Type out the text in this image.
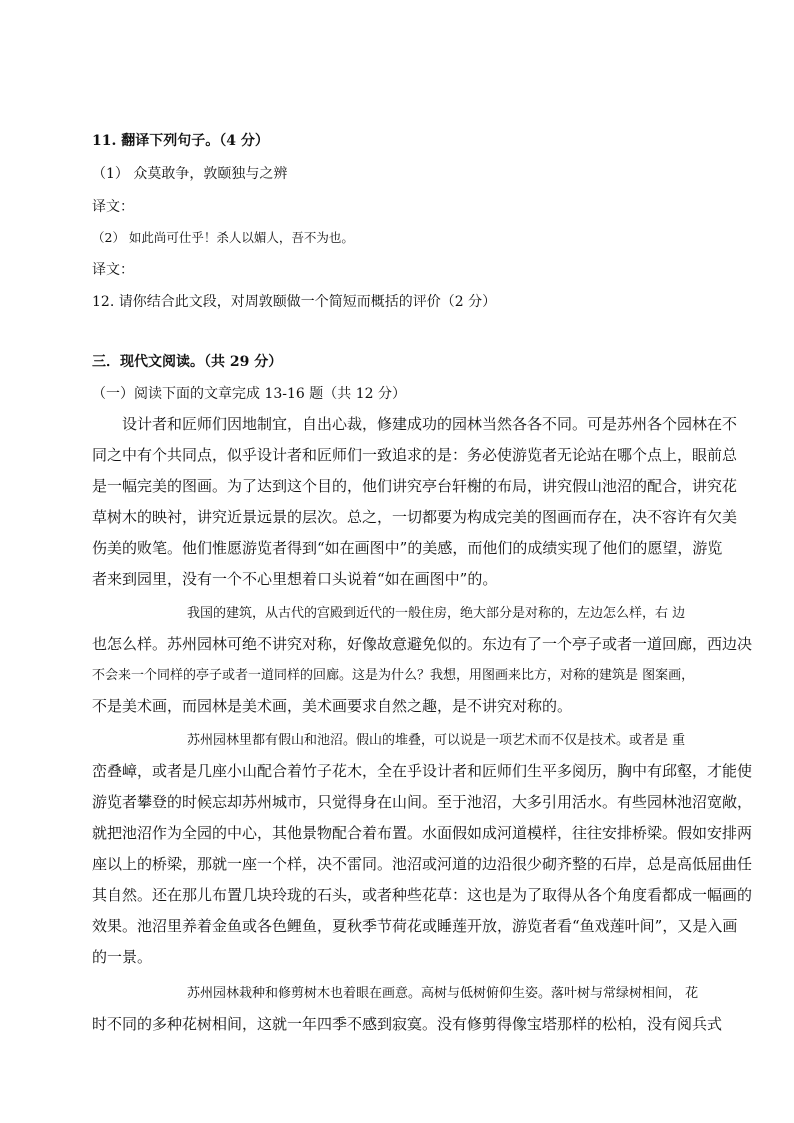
11. 翻译下列句子。（4 分）
（1） 众莫敢争，敦颐独与之辨
译文：
（2） 如此尚可仕乎！杀人以媚人，吾不为也。
译文：
12. 请你结合此文段，对周敦颐做一个简短而概括的评价（2 分）
三．现代文阅读。（共 29 分）
（一）阅读下面的文章完成 13-16 题（共 12 分）

设计者和匠师们因地制宜，自出心裁，修建成功的园林当然各各不同。可是苏州各个园林在不

同之中有个共同点，似乎设计者和匠师们一致追求的是：务必使游览者无论站在哪个点上，眼前总

是一幅完美的图画。为了达到这个目的，他们讲究亭台轩榭的布局，讲究假山池沼的配合，讲究花

草树木的映衬，讲究近景远景的层次。总之，一切都要为构成完美的图画而存在，决不容许有欠美

伤美的败笔。他们惟愿游览者得到“如在画图中”的美感，而他们的成绩实现了他们的愿望，游览

者来到园里，没有一个不心里想着口头说着“如在画图中”的。

我国的建筑，从古代的宫殿到近代的一般住房，绝大部分是对称的，左边怎么样，右 边

也怎么样。苏州园林可绝不讲究对称，好像故意避免似的。东边有了一个亭子或者一道回廊，西边决

不会来一个同样的亭子或者一道同样的回廊。这是为什么？我想，用图画来比方，对称的建筑是 图案画，

不是美术画，而园林是美术画，美术画要求自然之趣，是不讲究对称的。

苏州园林里都有假山和池沼。假山的堆叠，可以说是一项艺术而不仅是技术。或者是 重

峦叠嶂，或者是几座小山配合着竹子花木，全在乎设计者和匠师们生平多阅历，胸中有邱壑，才能使

游览者攀登的时候忘却苏州城市，只觉得身在山间。至于池沼，大多引用活水。有些园林池沼宽敞，

就把池沼作为全园的中心，其他景物配合着布置。水面假如成河道模样，往往安排桥梁。假如安排两

座以上的桥梁，那就一座一个样，决不雷同。池沼或河道的边沿很少砌齐整的石岸，总是高低屈曲任

其自然。还在那儿布置几块玲珑的石头，或者种些花草：这也是为了取得从各个角度看都成一幅画的

效果。池沼里养着金鱼或各色鲤鱼，夏秋季节荷花或睡莲开放，游览者看“鱼戏莲叶间”，又是入画

的一景。

苏州园林栽种和修剪树木也着眼在画意。高树与低树俯仰生姿。落叶树与常绿树相间， 花

时不同的多种花树相间，这就一年四季不感到寂寞。没有修剪得像宝塔那样的松柏，没有阅兵式
